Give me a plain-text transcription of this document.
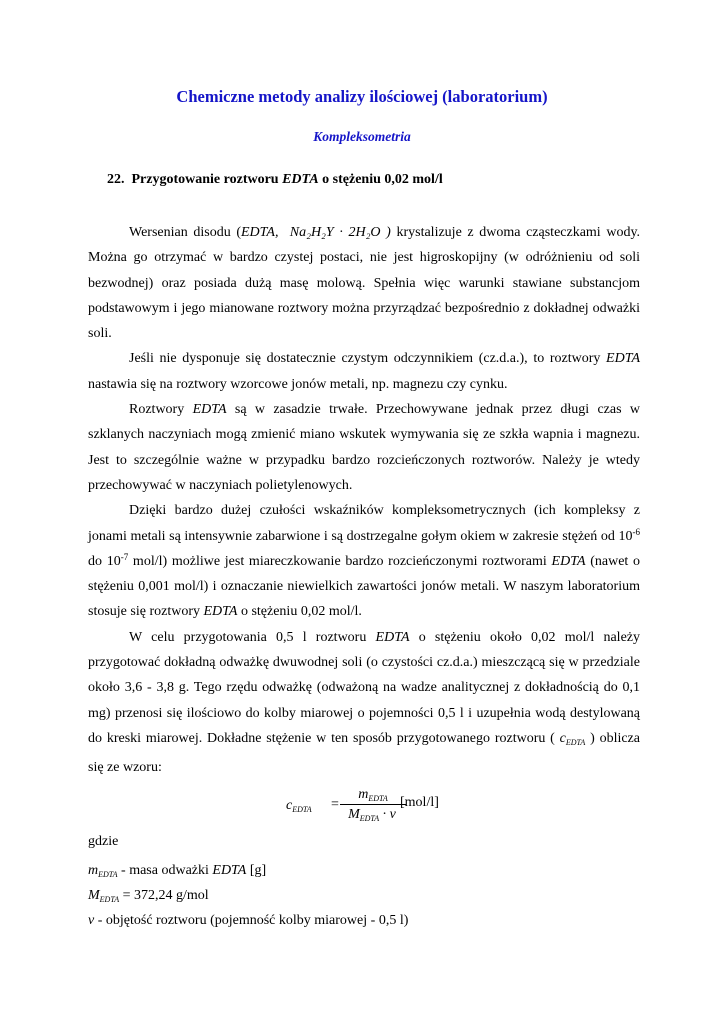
Chemiczne metody analizy ilościowej (laboratorium)
Kompleksometria
22. Przygotowanie roztworu EDTA o stężeniu 0,02 mol/l

Wersenian disodu (EDTA, Na₂H₂Y · 2H₂O ) krystalizuje z dwoma cząsteczkami wody. Można go otrzymać w bardzo czystej postaci, nie jest higroskopijny (w odróżnieniu od soli bezwodnej) oraz posiada dużą masę molową. Spełnia więc warunki stawiane substancjom podstawowym i jego mianowane roztwory można przyrządzać bezpośrednio z dokładnej odważki soli.

Jeśli nie dysponuje się dostatecznie czystym odczynnikiem (cz.d.a.), to roztwory EDTA nastawia się na roztwory wzorcowe jonów metali, np. magnezu czy cynku.

Roztwory EDTA są w zasadzie trwałe. Przechowywane jednak przez długi czas w szklanych naczyniach mogą zmienić miano wskutek wymywania się ze szkła wapnia i magnezu. Jest to szczególnie ważne w przypadku bardzo rozcieńczonych roztworów. Należy je wtedy przechowywać w naczyniach polietylenowych.

Dzięki bardzo dużej czułości wskaźników kompleksometrycznych (ich kompleksy z jonami metali są intensywnie zabarwione i są dostrzegalne gołym okiem w zakresie stężeń od $10^{-6}$ do $10^{-7}$ mol/l) możliwe jest miareczkowanie bardzo rozcieńczonymi roztworami EDTA (nawet o stężeniu 0,001 mol/l) i oznaczanie niewielkich zawartości jonów metali. W naszym laboratorium stosuje się roztwory EDTA o stężeniu 0,02 mol/l.

W celu przygotowania 0,5 l roztworu EDTA o stężeniu około 0,02 mol/l należy przygotować dokładną odważkę dwuwodnej soli (o czystości cz.d.a.) mieszczącą się w przedziale około 3,6 - 3,8 g. Tego rzędu odważkę (odważoną na wadze analitycznej z dokładnością do 0,1 mg) przenosi się ilościowo do kolby miarowej o pojemności 0,5 l i uzupełnia wodą destylowaną do kreski miarowej. Dokładne stężenie w ten sposób przygotowanego roztworu ( $c_{EDTA}$ ) oblicza się ze wzoru:

$c_{EDTA}$ =
$m_{EDTA}$
$M_{EDTA} \cdot v$
[mol/l]
gdzie
$m_{EDTA}$ - masa odważki EDTA [g]
$M_{EDTA} = 372,24$ g/mol
v - objętość roztworu (pojemność kolby miarowej - 0,5 l)
